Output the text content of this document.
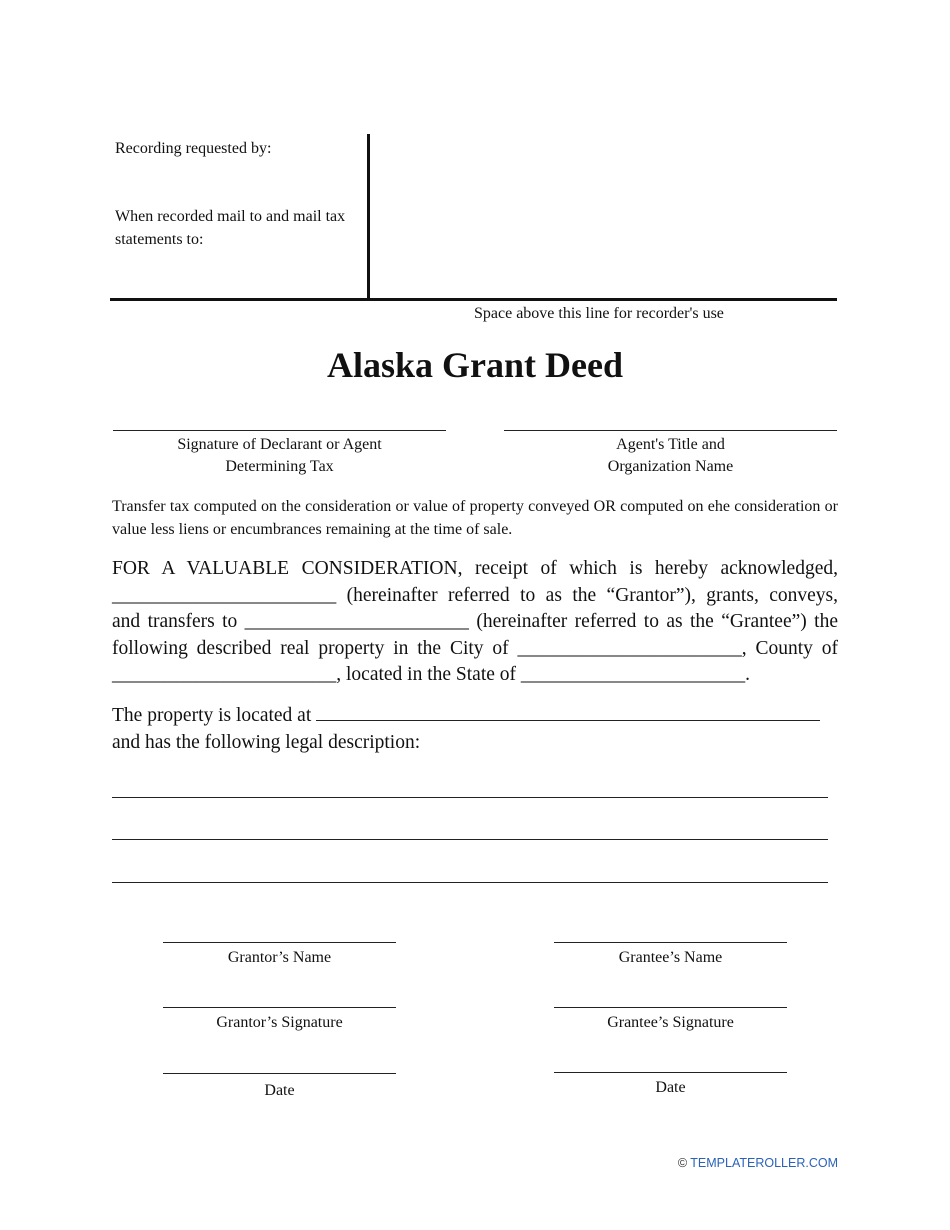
Recording requested by:
When recorded mail to and mail tax statements to:
Space above this line for recorder's use
Alaska Grant Deed
Signature of Declarant or Agent
Determining Tax
Agent's Title and
Organization Name
Transfer tax computed on the consideration or value of property conveyed OR computed on ehe consideration or value less liens or encumbrances remaining at the time of sale.
FOR A VALUABLE CONSIDERATION, receipt of which is hereby acknowledged,
_______________________ (hereinafter referred to as the “Grantor”), grants, conveys,
and transfers to _______________________ (hereinafter referred to as the “Grantee”) the
following described real property in the City of _______________________, County of
_______________________, located in the State of _______________________.
The property is located at
and has the following legal description:
Grantor’s Name	Grantee’s Name
Grantor’s Signature	Grantee’s Signature
Date	Date
© TEMPLATEROLLER.COM
